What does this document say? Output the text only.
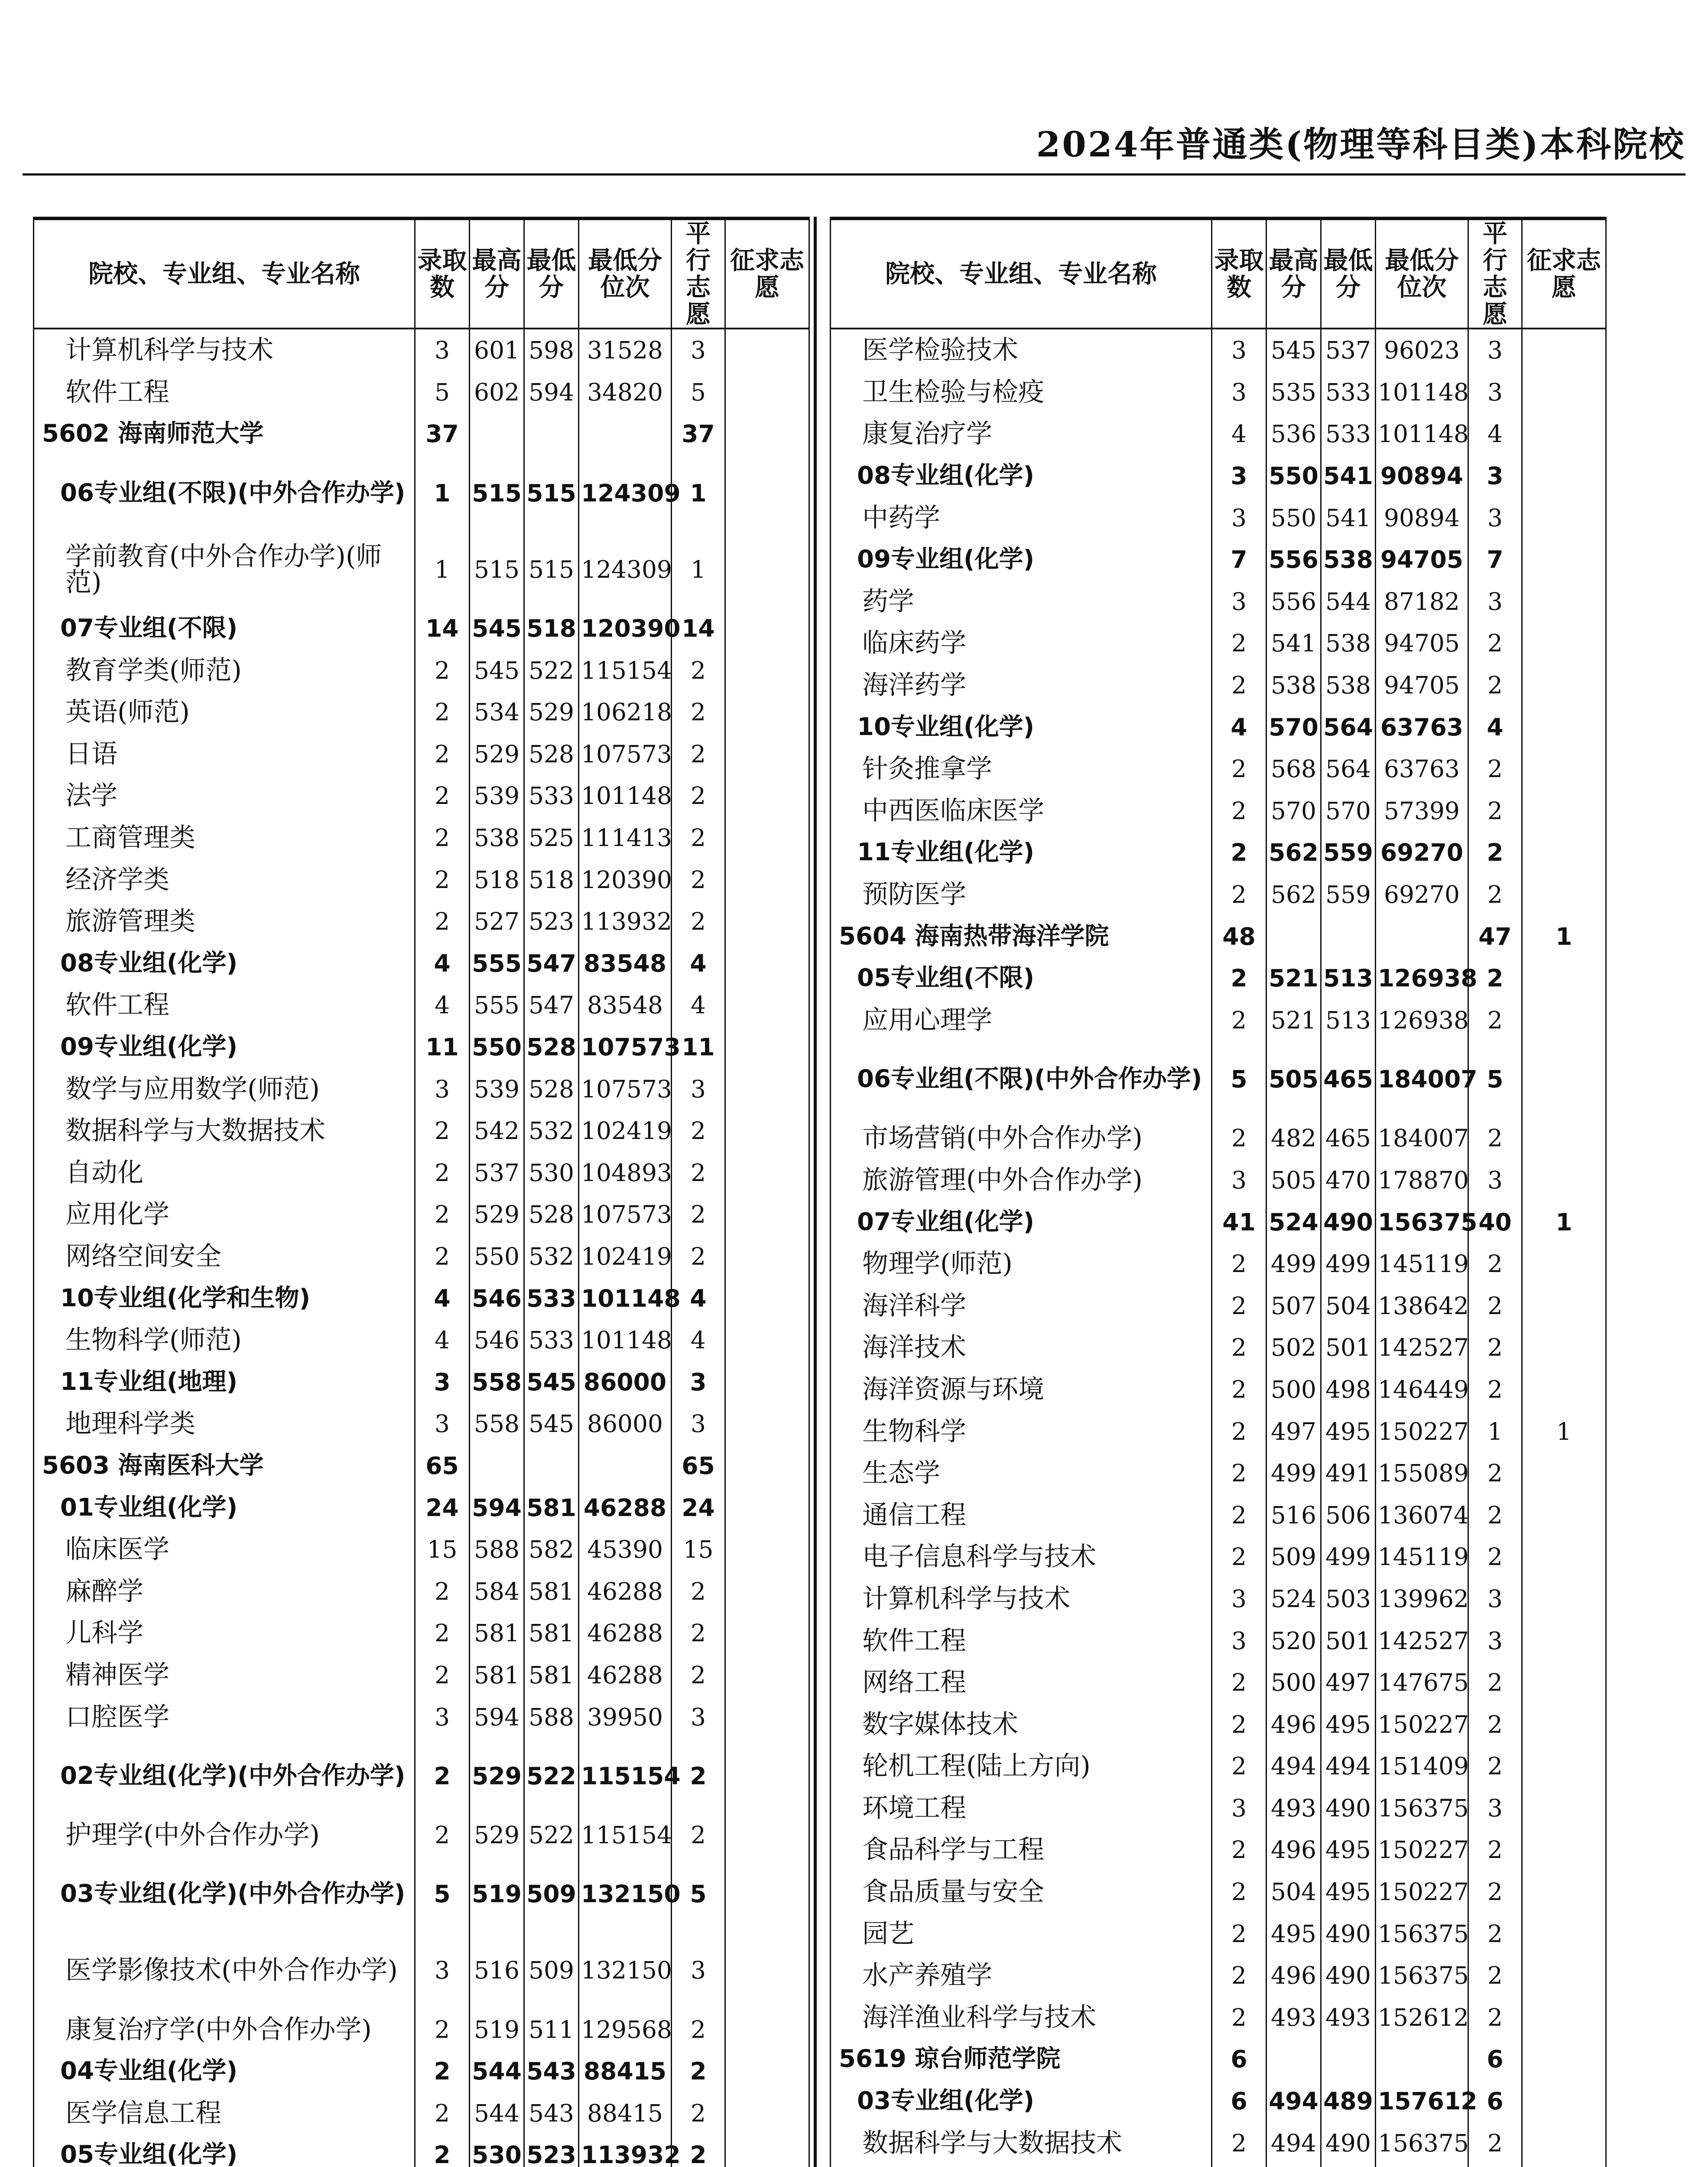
2024年普通类(物理等科目类)本科院校
院校、专业组、专业名称	录取数	最高分	最低分	最低分位次	平行志愿	征求志愿
计算机科学与技术	3	601	598	31528	3	
软件工程	5	602	594	34820	5	
5602 海南师范大学	37				37	
06专业组(不限)(中外合作办学)	1	515	515	124309	1	
学前教育(中外合作办学)(师范)	1	515	515	124309	1	
07专业组(不限)	14	545	518	120390	14	
教育学类(师范)	2	545	522	115154	2	
英语(师范)	2	534	529	106218	2	
日语	2	529	528	107573	2	
法学	2	539	533	101148	2	
工商管理类	2	538	525	111413	2	
经济学类	2	518	518	120390	2	
旅游管理类	2	527	523	113932	2	
08专业组(化学)	4	555	547	83548	4	
软件工程	4	555	547	83548	4	
09专业组(化学)	11	550	528	107573	11	
数学与应用数学(师范)	3	539	528	107573	3	
数据科学与大数据技术	2	542	532	102419	2	
自动化	2	537	530	104893	2	
应用化学	2	529	528	107573	2	
网络空间安全	2	550	532	102419	2	
10专业组(化学和生物)	4	546	533	101148	4	
生物科学(师范)	4	546	533	101148	4	
11专业组(地理)	3	558	545	86000	3	
地理科学类	3	558	545	86000	3	
5603 海南医科大学	65				65	
01专业组(化学)	24	594	581	46288	24	
临床医学	15	588	582	45390	15	
麻醉学	2	584	581	46288	2	
儿科学	2	581	581	46288	2	
精神医学	2	581	581	46288	2	
口腔医学	3	594	588	39950	3	
02专业组(化学)(中外合作办学)	2	529	522	115154	2	
护理学(中外合作办学)	2	529	522	115154	2	
03专业组(化学)(中外合作办学)	5	519	509	132150	5	
医学影像技术(中外合作办学)	3	516	509	132150	3	
康复治疗学(中外合作办学)	2	519	511	129568	2	
04专业组(化学)	2	544	543	88415	2	
医学信息工程	2	544	543	88415	2	
05专业组(化学)	2	530	523	113932	2	

院校、专业组、专业名称	录取数	最高分	最低分	最低分位次	平行志愿	征求志愿
医学检验技术	3	545	537	96023	3	
卫生检验与检疫	3	535	533	101148	3	
康复治疗学	4	536	533	101148	4	
08专业组(化学)	3	550	541	90894	3	
中药学	3	550	541	90894	3	
09专业组(化学)	7	556	538	94705	7	
药学	3	556	544	87182	3	
临床药学	2	541	538	94705	2	
海洋药学	2	538	538	94705	2	
10专业组(化学)	4	570	564	63763	4	
针灸推拿学	2	568	564	63763	2	
中西医临床医学	2	570	570	57399	2	
11专业组(化学)	2	562	559	69270	2	
预防医学	2	562	559	69270	2	
5604 海南热带海洋学院	48				47	1
05专业组(不限)	2	521	513	126938	2	
应用心理学	2	521	513	126938	2	
06专业组(不限)(中外合作办学)	5	505	465	184007	5	
市场营销(中外合作办学)	2	482	465	184007	2	
旅游管理(中外合作办学)	3	505	470	178870	3	
07专业组(化学)	41	524	490	156375	40	1
物理学(师范)	2	499	499	145119	2	
海洋科学	2	507	504	138642	2	
海洋技术	2	502	501	142527	2	
海洋资源与环境	2	500	498	146449	2	
生物科学	2	497	495	150227	1	1
生态学	2	499	491	155089	2	
通信工程	2	516	506	136074	2	
电子信息科学与技术	2	509	499	145119	2	
计算机科学与技术	3	524	503	139962	3	
软件工程	3	520	501	142527	3	
网络工程	2	500	497	147675	2	
数字媒体技术	2	496	495	150227	2	
轮机工程(陆上方向)	2	494	494	151409	2	
环境工程	3	493	490	156375	3	
食品科学与工程	2	496	495	150227	2	
食品质量与安全	2	504	495	150227	2	
园艺	2	495	490	156375	2	
水产养殖学	2	496	490	156375	2	
海洋渔业科学与技术	2	493	493	152612	2	
5619 琼台师范学院	6				6	
03专业组(化学)	6	494	489	157612	6	
数据科学与大数据技术	2	494	490	156375	2	
